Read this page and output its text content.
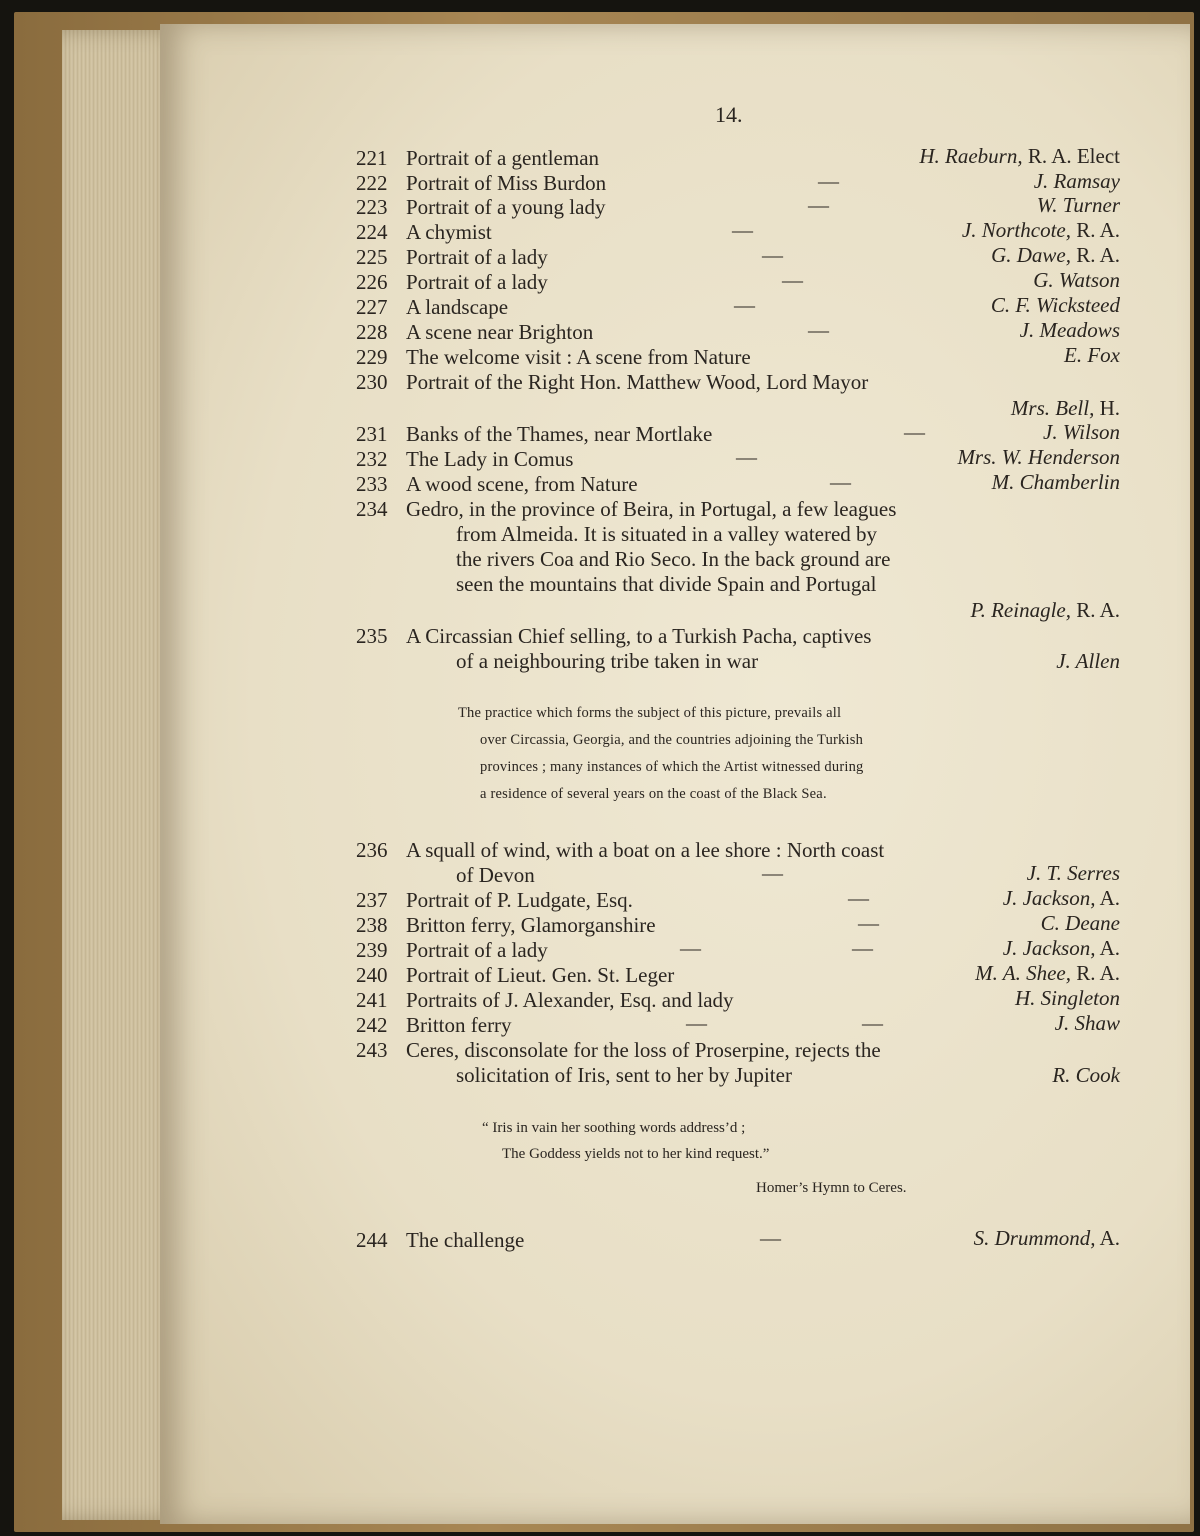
14.
221 Portrait of a gentleman	H. Raeburn, R. A. Elect
222 Portrait of Miss Burdon	—	J. Ramsay
223 Portrait of a young lady	—	W. Turner
224 A chymist	—	J. Northcote, R. A.
225 Portrait of a lady	—	G. Dawe, R. A.
226 Portrait of a lady	—	G. Watson
227 A landscape	—	C. F. Wicksteed
228 A scene near Brighton	—	J. Meadows
229 The welcome visit : A scene from Nature	E. Fox
230 Portrait of the Right Hon. Matthew Wood, Lord Mayor
Mrs. Bell, H.
231 Banks of the Thames, near Mortlake	—	J. Wilson
232 The Lady in Comus	—	Mrs. W. Henderson
233 A wood scene, from Nature	—	M. Chamberlin
234 Gedro, in the province of Beira, in Portugal, a few leagues
from Almeida. It is situated in a valley watered by
the rivers Coa and Rio Seco. In the back ground are
seen the mountains that divide Spain and Portugal
P. Reinagle, R. A.
235 A Circassian Chief selling, to a Turkish Pacha, captives
of a neighbouring tribe taken in war	J. Allen
The practice which forms the subject of this picture, prevails all
over Circassia, Georgia, and the countries adjoining the Turkish
provinces ; many instances of which the Artist witnessed during
a residence of several years on the coast of the Black Sea.
236 A squall of wind, with a boat on a lee shore : North coast
of Devon	—	J. T. Serres
237 Portrait of P. Ludgate, Esq.	—	J. Jackson, A.
238 Britton ferry, Glamorganshire	—	C. Deane
239 Portrait of a lady	—	—	J. Jackson, A.
240 Portrait of Lieut. Gen. St. Leger	M. A. Shee, R. A.
241 Portraits of J. Alexander, Esq. and lady	H. Singleton
242 Britton ferry	—	—	J. Shaw
243 Ceres, disconsolate for the loss of Proserpine, rejects the
solicitation of Iris, sent to her by Jupiter	R. Cook
“ Iris in vain her soothing words address’d ;
The Goddess yields not to her kind request.”
Homer’s Hymn to Ceres.
244 The challenge	—	S. Drummond, A.
